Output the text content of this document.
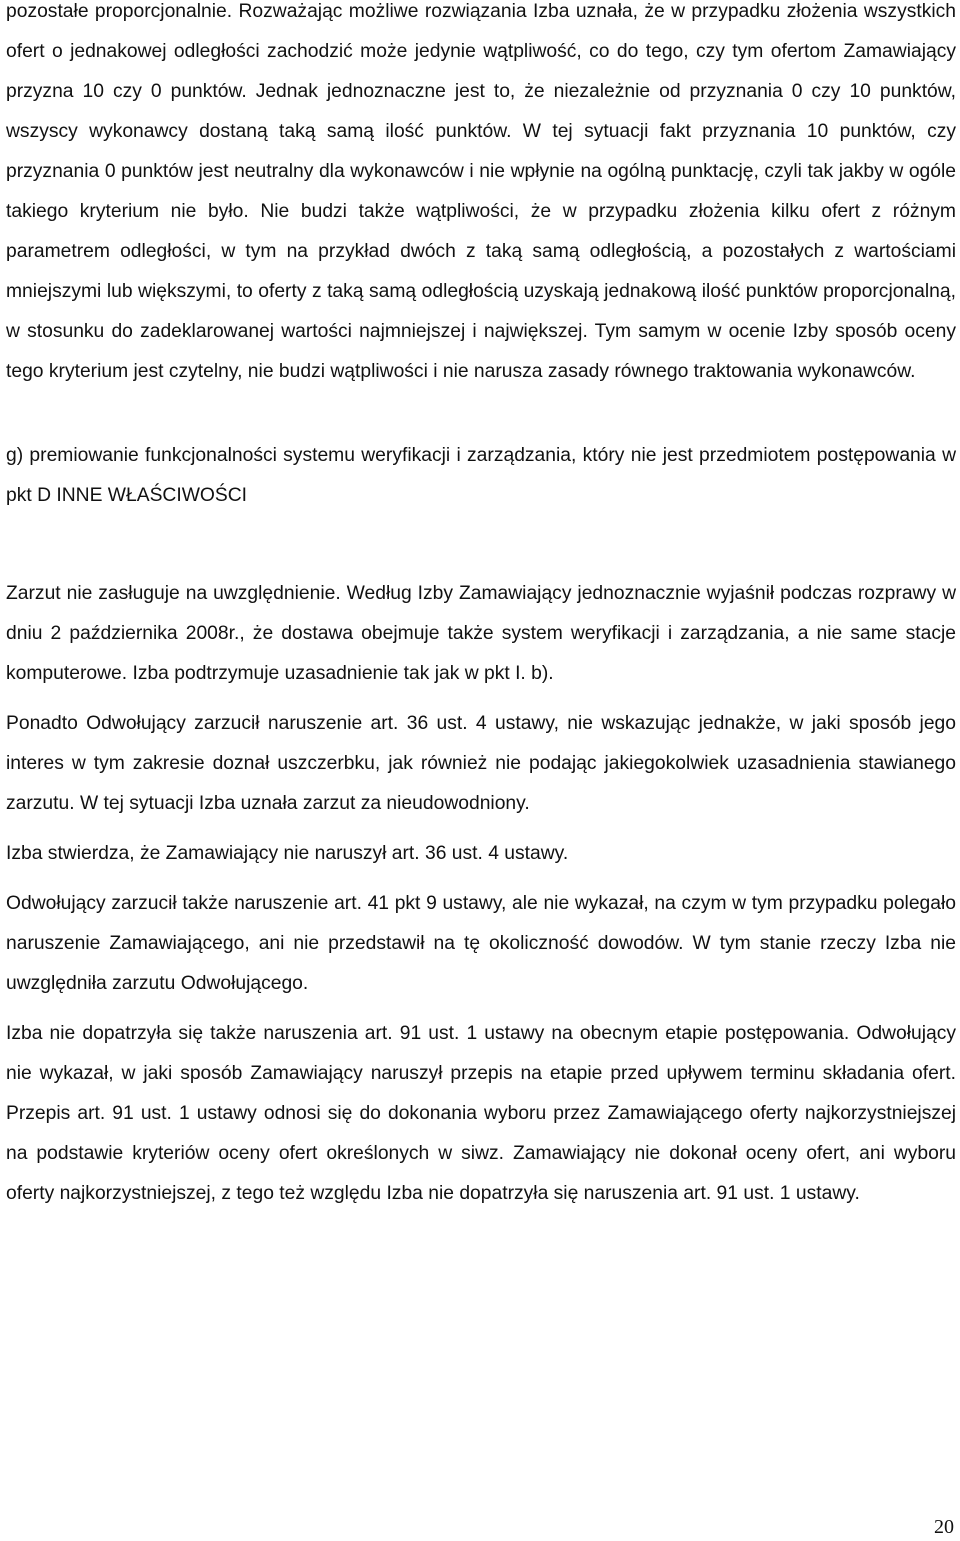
pozostałe proporcjonalnie. Rozważając możliwe rozwiązania Izba uznała, że w przypadku złożenia wszystkich ofert o jednakowej odległości zachodzić może jedynie wątpliwość, co do tego, czy tym ofertom Zamawiający przyzna 10 czy 0 punktów. Jednak jednoznaczne jest to, że niezależnie od przyznania 0 czy 10 punktów, wszyscy wykonawcy dostaną taką samą ilość punktów. W tej sytuacji fakt przyznania 10 punktów, czy przyznania 0 punktów jest neutralny dla wykonawców i nie wpłynie na ogólną punktację, czyli tak jakby w ogóle takiego kryterium nie było. Nie budzi także wątpliwości, że w przypadku złożenia kilku ofert z różnym parametrem odległości, w tym na przykład dwóch z taką samą odległością, a pozostałych z wartościami mniejszymi lub większymi, to oferty z taką samą odległością uzyskają jednakową ilość punktów proporcjonalną, w stosunku do zadeklarowanej wartości najmniejszej i największej. Tym samym w ocenie Izby sposób oceny tego kryterium jest czytelny, nie budzi wątpliwości i nie narusza zasady równego traktowania wykonawców.

g) premiowanie funkcjonalności systemu weryfikacji i zarządzania, który nie jest przedmiotem postępowania w pkt D INNE WŁAŚCIWOŚCI

Zarzut nie zasługuje na uwzględnienie. Według Izby Zamawiający jednoznacznie wyjaśnił podczas rozprawy w dniu 2 października 2008r., że dostawa obejmuje także system weryfikacji i zarządzania, a nie same stacje komputerowe. Izba podtrzymuje uzasadnienie tak jak w pkt I. b).

Ponadto Odwołujący zarzucił naruszenie art. 36 ust. 4 ustawy, nie wskazując jednakże, w jaki sposób jego interes w tym zakresie doznał uszczerbku, jak również nie podając jakiegokolwiek uzasadnienia stawianego zarzutu. W tej sytuacji Izba uznała zarzut za nieudowodniony.

Izba stwierdza, że Zamawiający nie naruszył art. 36 ust. 4 ustawy.

Odwołujący zarzucił także naruszenie art. 41 pkt 9 ustawy, ale nie wykazał, na czym w tym przypadku polegało naruszenie Zamawiającego, ani nie przedstawił na tę okoliczność dowodów. W tym stanie rzeczy Izba nie uwzględniła zarzutu Odwołującego.

Izba nie dopatrzyła się także naruszenia art. 91 ust. 1 ustawy na obecnym etapie postępowania. Odwołujący nie wykazał, w jaki sposób Zamawiający naruszył przepis na etapie przed upływem terminu składania ofert. Przepis art. 91 ust. 1 ustawy odnosi się do dokonania wyboru przez Zamawiającego oferty najkorzystniejszej na podstawie kryteriów oceny ofert określonych w siwz. Zamawiający nie dokonał oceny ofert, ani wyboru oferty najkorzystniejszej, z tego też względu Izba nie dopatrzyła się naruszenia art. 91 ust. 1 ustawy.

20
